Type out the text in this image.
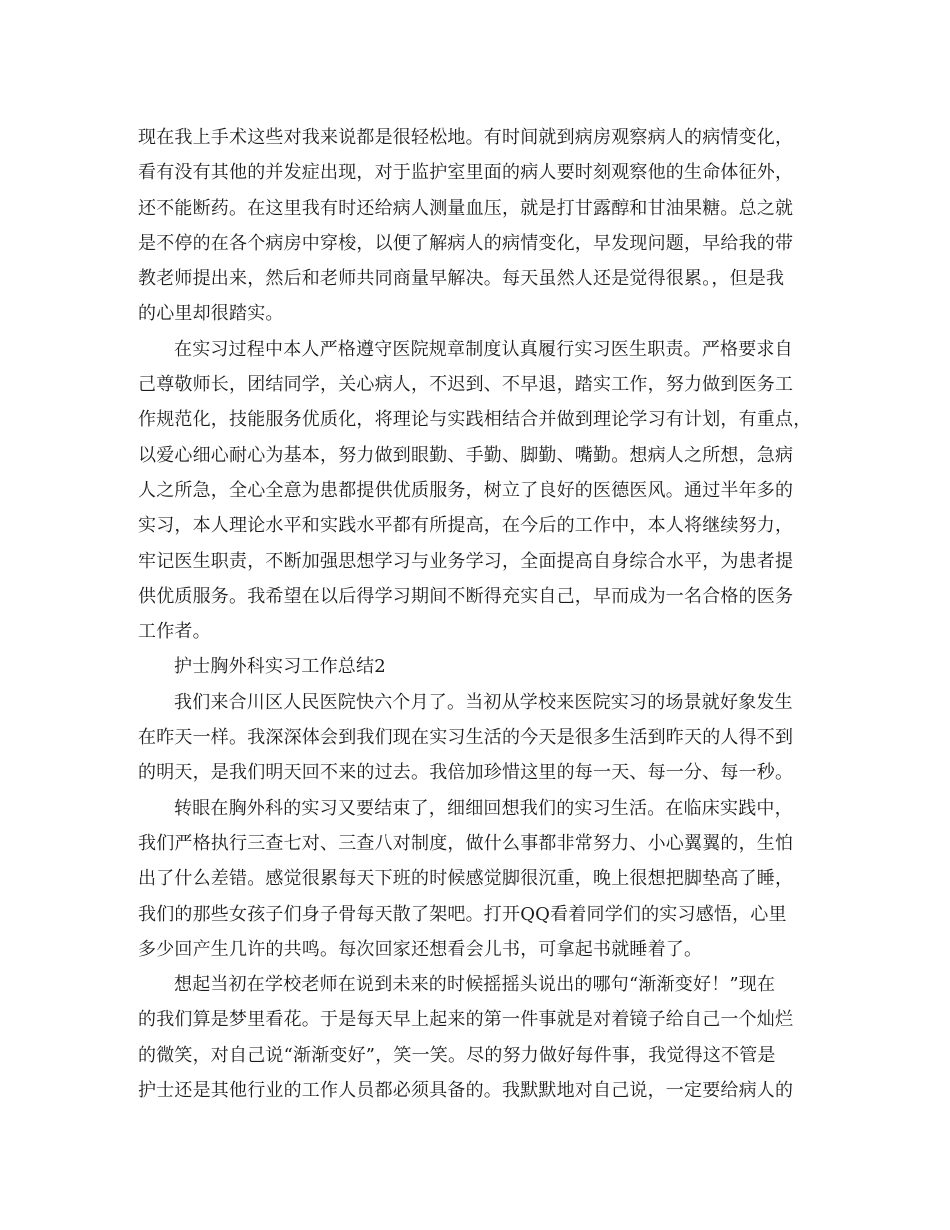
现在我上手术这些对我来说都是很轻松地。有时间就到病房观察病人的病情变化，
看有没有其他的并发症出现，对于监护室里面的病人要时刻观察他的生命体征外，
还不能断药。在这里我有时还给病人测量血压，就是打甘露醇和甘油果糖。总之就
是不停的在各个病房中穿梭，以便了解病人的病情变化，早发现问题，早给我的带
教老师提出来，然后和老师共同商量早解决。每天虽然人还是觉得很累。，但是我
的心里却很踏实。
在实习过程中本人严格遵守医院规章制度认真履行实习医生职责。严格要求自
己尊敬师长，团结同学，关心病人，不迟到、不早退，踏实工作，努力做到医务工
作规范化，技能服务优质化，将理论与实践相结合并做到理论学习有计划，有重点，
以爱心细心耐心为基本，努力做到眼勤、手勤、脚勤、嘴勤。想病人之所想，急病
人之所急，全心全意为患都提供优质服务，树立了良好的医德医风。通过半年多的
实习，本人理论水平和实践水平都有所提高，在今后的工作中，本人将继续努力，
牢记医生职责，不断加强思想学习与业务学习，全面提高自身综合水平，为患者提
供优质服务。我希望在以后得学习期间不断得充实自己，早而成为一名合格的医务
工作者。
护士胸外科实习工作总结2
我们来合川区人民医院快六个月了。当初从学校来医院实习的场景就好象发生
在昨天一样。我深深体会到我们现在实习生活的今天是很多生活到昨天的人得不到
的明天，是我们明天回不来的过去。我倍加珍惜这里的每一天、每一分、每一秒。
转眼在胸外科的实习又要结束了，细细回想我们的实习生活。在临床实践中，
我们严格执行三查七对、三查八对制度，做什么事都非常努力、小心翼翼的，生怕
出了什么差错。感觉很累每天下班的时候感觉脚很沉重，晚上很想把脚垫高了睡，
我们的那些女孩子们身子骨每天散了架吧。打开QQ看着同学们的实习感悟，心里
多少回产生几许的共鸣。每次回家还想看会儿书，可拿起书就睡着了。
想起当初在学校老师在说到未来的时候摇摇头说出的哪句“渐渐变好！”现在
的我们算是梦里看花。于是每天早上起来的第一件事就是对着镜子给自己一个灿烂
的微笑，对自己说“渐渐变好”，笑一笑。尽的努力做好每件事，我觉得这不管是
护士还是其他行业的工作人员都必须具备的。我默默地对自己说，一定要给病人的
